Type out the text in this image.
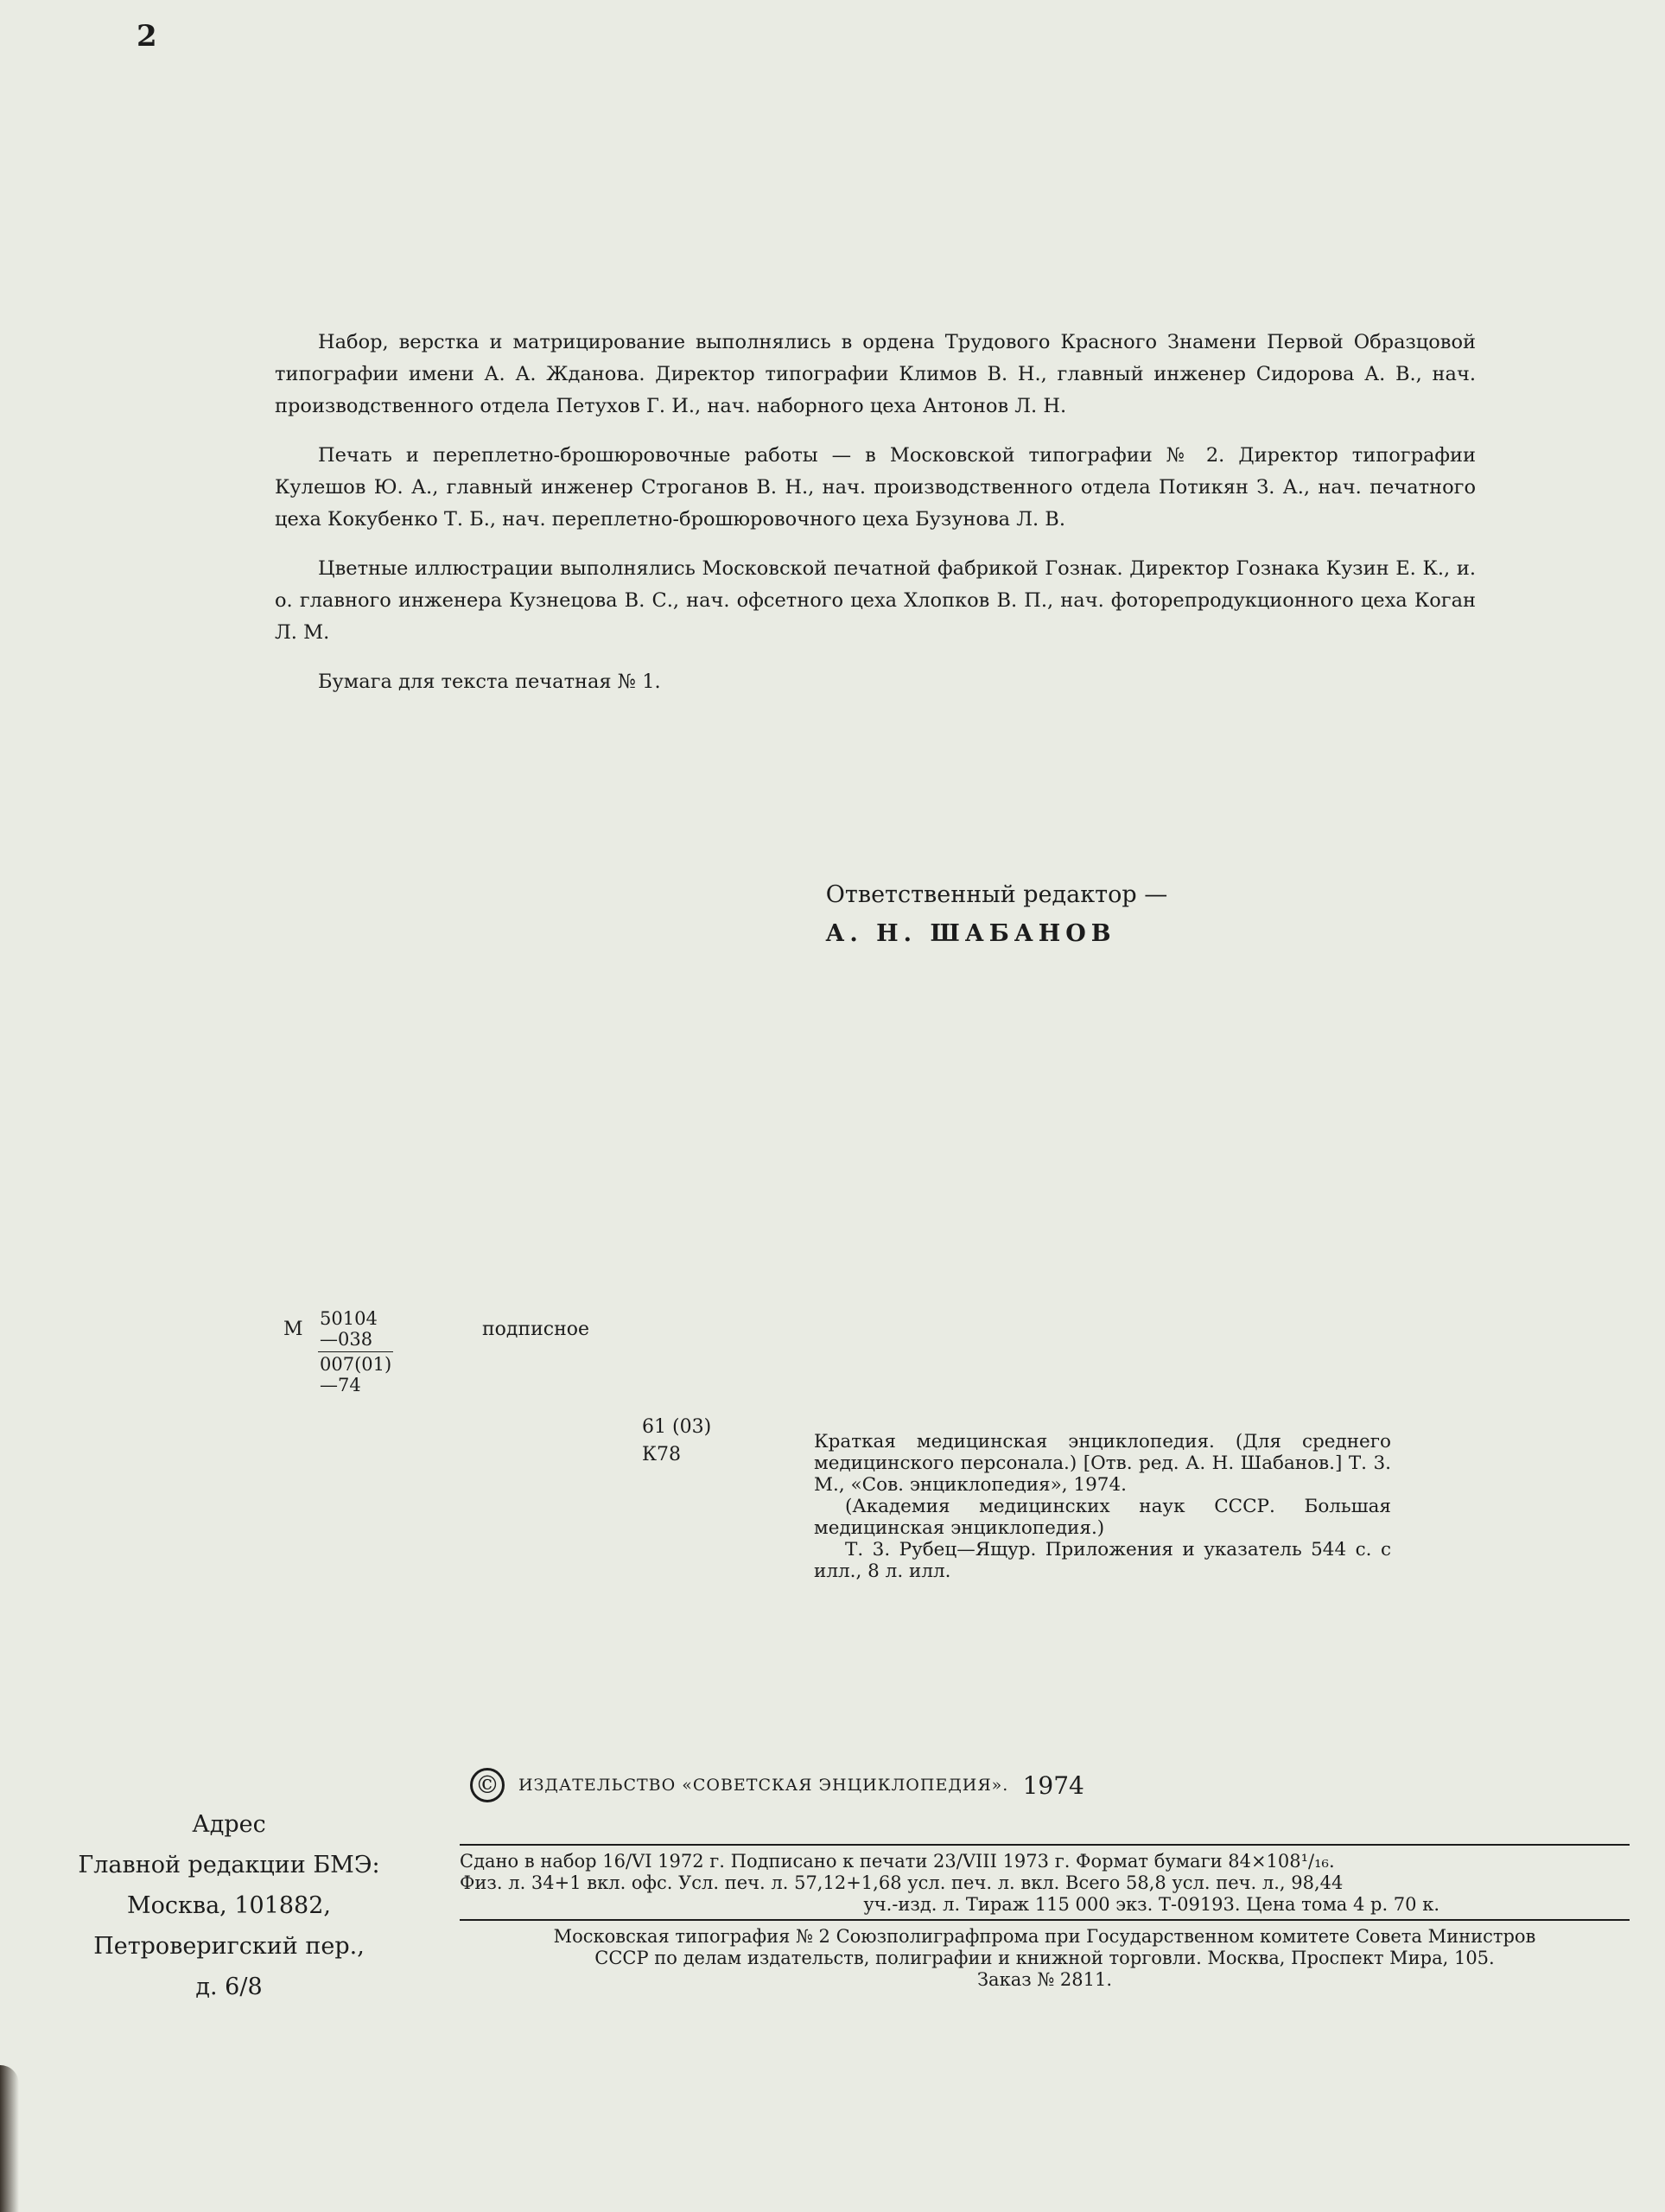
2

Набор, верстка и матрицирование выполнялись в ордена Трудового Красного Знамени Первой Образцовой типографии имени А. А. Жданова. Директор типографии Климов В. Н., главный инженер Сидорова А. В., нач. производственного отдела Петухов Г. И., нач. наборного цеха Антонов Л. Н.

Печать и переплетно-брошюровочные работы — в Московской типографии № 2. Директор типографии Кулешов Ю. А., главный инженер Строганов В. Н., нач. производственного отдела Потикян З. А., нач. печатного цеха Кокубенко Т. Б., нач. переплетно-брошюровочного цеха Бузунова Л. В.

Цветные иллюстрации выполнялись Московской печатной фабрикой Гознак. Директор Гознака Кузин Е. К., и. о. главного инженера Кузнецова В. С., нач. офсетного цеха Хлопков В. П., нач. фоторепродукционного цеха Коган Л. М.

Бумага для текста печатная № 1.

Ответственный редактор —
А. Н. ШАБАНОВ
М $\frac{50104—038}{007(01)—74}$	подписное
61 (03)
К78

Краткая медицинская энциклопедия. (Для среднего медицинского персонала.) [Отв. ред. А. Н. Шабанов.] Т. 3. М., «Сов. энциклопедия», 1974.

(Академия медицинских наук СССР. Большая медицинская энциклопедия.)

Т. 3. Рубец—Ящур. Приложения и указатель 544 с. с илл., 8 л. илл.

© ИЗДАТЕЛЬСТВО «СОВЕТСКАЯ ЭНЦИКЛОПЕДИЯ». 1974
Адрес
Главной редакции БМЭ:
Москва, 101882,
Петроверигский пер.,
д. 6/8
Сдано в набор 16/VI 1972 г. Подписано к печати 23/VIII 1973 г. Формат бумаги 84×108¹/₁₆.
Физ. л. 34+1 вкл. офс. Усл. печ. л. 57,12+1,68 усл. печ. л. вкл. Всего 58,8 усл. печ. л., 98,44
уч.-изд. л. Тираж 115 000 экз. Т-09193. Цена тома 4 р. 70 к.

Московская типография № 2 Союзполиграфпрома при Государственном комитете Совета Министров

СССР по делам издательств, полиграфии и книжной торговли. Москва, Проспект Мира, 105.

Заказ № 2811.
